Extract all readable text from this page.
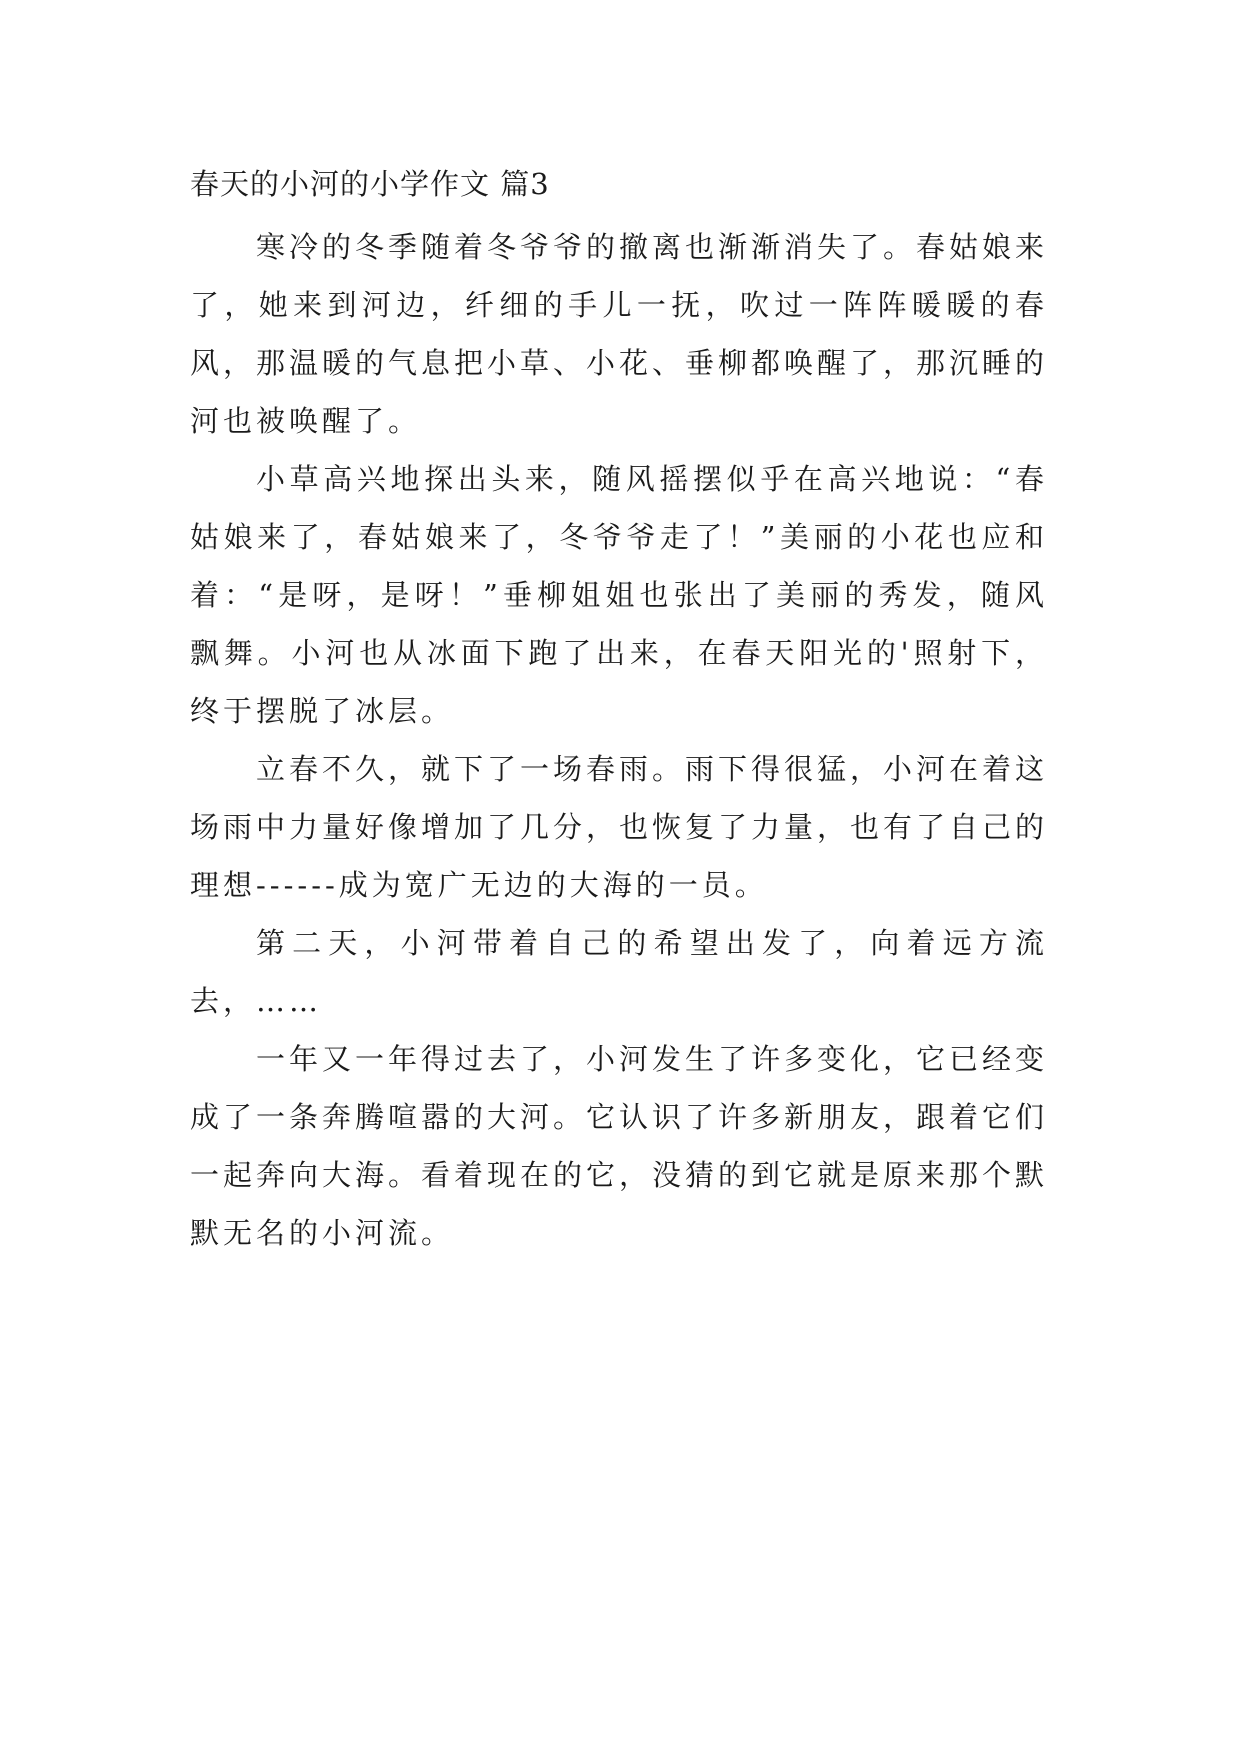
春天的小河的小学作文 篇3

寒冷的冬季随着冬爷爷的撤离也渐渐消失了。春姑娘来了，她来到河边，纤细的手儿一抚，吹过一阵阵暖暖的春风，那温暖的气息把小草、小花、垂柳都唤醒了，那沉睡的河也被唤醒了。

小草高兴地探出头来，随风摇摆似乎在高兴地说：“春姑娘来了，春姑娘来了，冬爷爷走了！”美丽的小花也应和着：“是呀，是呀！”垂柳姐姐也张出了美丽的秀发，随风飘舞。小河也从冰面下跑了出来，在春天阳光的'照射下，终于摆脱了冰层。

立春不久，就下了一场春雨。雨下得很猛，小河在着这场雨中力量好像增加了几分，也恢复了力量，也有了自己的理想------成为宽广无边的大海的一员。

第二天，小河带着自己的希望出发了，向着远方流去，……

一年又一年得过去了，小河发生了许多变化，它已经变成了一条奔腾喧嚣的大河。它认识了许多新朋友，跟着它们一起奔向大海。看着现在的它，没猜的到它就是原来那个默默无名的小河流。
